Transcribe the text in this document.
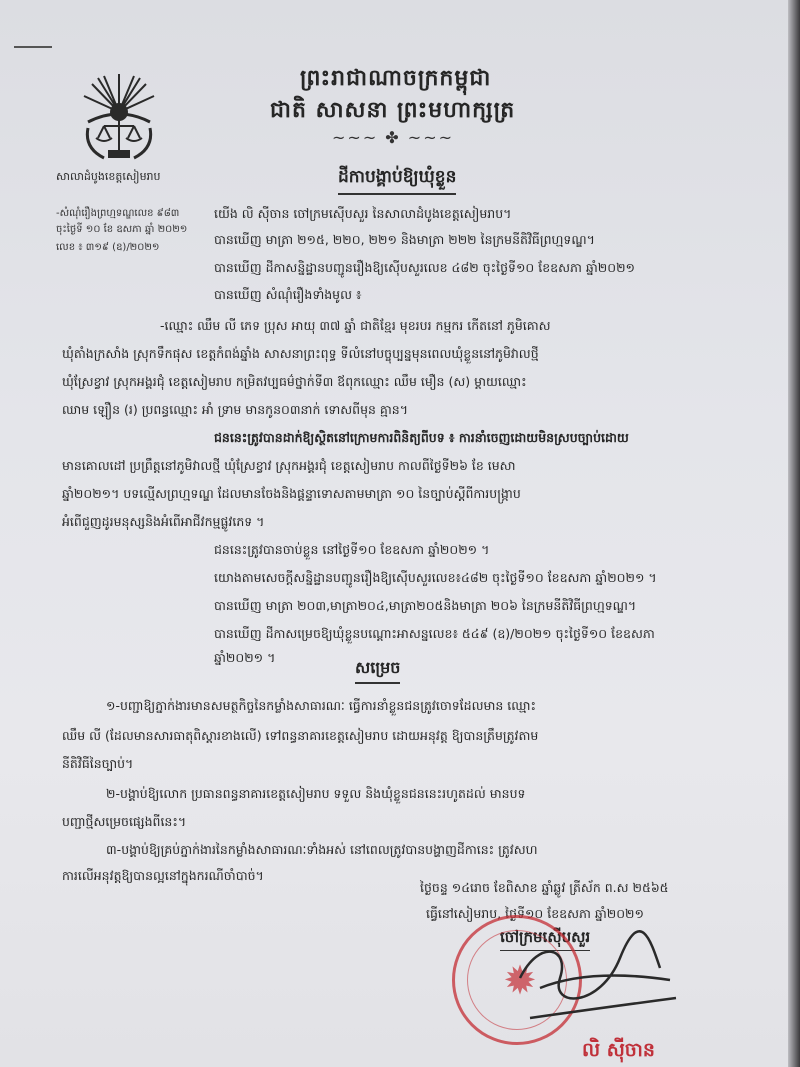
ព្រះរាជាណាចក្រកម្ពុជា
ជាតិ សាសនា ព្រះមហាក្សត្រ
~~~ ✤ ~~~
សាលាដំបូងខេត្តសៀមរាប	ដីកាបង្គាប់ឱ្យឃុំខ្លួន
-សំណុំរឿងព្រហ្មទណ្ឌលេខ ៩៨៣
ចុះថ្ងៃទី ១០ ខែ ឧសភា ឆ្នាំ ២០២១
លេខ ៖ ៣១៩ (ឧ)/២០២១
យើង លិ ស៊ីចាន ចៅក្រមស៊ើបសួរ នៃសាលាដំបូងខេត្តសៀមរាប។
បានឃើញ មាត្រា ២១៥, ២២០, ២២១ និងមាត្រា ២២២ នៃក្រមនីតិវិធីព្រហ្មទណ្ឌ។
បានឃើញ ដីកាសន្និដ្ឋានបញ្ជូនរឿងឱ្យស៊ើបសួរលេខ ៤៨២ ចុះថ្ងៃទី១០ ខែឧសភា ឆ្នាំ២០២១
បានឃើញ សំណុំរឿងទាំងមូល ៖
-ឈ្មោះ ឈឹម លី ភេទ ប្រុស អាយុ ៣៧ ឆ្នាំ ជាតិខ្មែរ មុខរបរ កម្មករ កើតនៅ ភូមិគោស
ឃុំតាំងក្រសាំង ស្រុកទឹកផុស ខេត្តកំពង់ឆ្នាំង សាសនាព្រះពុទ្ធ ទីលំនៅបច្ចុប្បន្នមុនពេលឃុំខ្លួននៅភូមិវាលថ្មី
ឃុំស្រែខ្វាវ ស្រុកអង្គរជុំ ខេត្តសៀមរាប កម្រិតវប្បធម៌ថ្នាក់ទី៣ ឪពុកឈ្មោះ ឈឹម មឿន (ស) ម្ដាយឈ្មោះ
ឈាម ឡឿន (រ) ប្រពន្ធឈ្មោះ អាំ ទ្រាម មានកូន០៣នាក់ ទោសពីមុន គ្មាន។
ជននេះត្រូវបានដាក់ឱ្យស្ថិតនៅក្រោមការពិនិត្យពីបទ ៖ ការនាំចេញដោយមិនស្របច្បាប់ដោយ
មានគោលដៅ ប្រព្រឹត្តនៅភូមិវាលថ្មី ឃុំស្រែខ្វាវ ស្រុកអង្គរជុំ ខេត្តសៀមរាប កាលពីថ្ងៃទី២៦ ខែ មេសា
ឆ្នាំ២០២១។ បទល្មើសព្រហ្មទណ្ឌ ដែលមានចែងនិងផ្ដន្ទាទោសតាមមាត្រា ១០ នៃច្បាប់ស្ដីពីការបង្ក្រាប
អំពើជួញដូរមនុស្សនិងអំពើអាជីវកម្មផ្លូវភេទ ។
ជននេះត្រូវបានចាប់ខ្លួន នៅថ្ងៃទី១០ ខែឧសភា ឆ្នាំ២០២១ ។
យោងតាមសេចក្ដីសន្និដ្ឋានបញ្ជូនរឿងឱ្យស៊ើបសួរលេខ៖៤៨២ ចុះថ្ងៃទី១០ ខែឧសភា ឆ្នាំ២០២១ ។
បានឃើញ មាត្រា ២០៣,មាត្រា២០៤,មាត្រា២០៥និងមាត្រា ២០៦ នៃក្រមនីតិវិធីព្រហ្មទណ្ឌ។
បានឃើញ ដីកាសម្រេចឱ្យឃុំខ្លួនបណ្ដោះអាសន្នលេខ៖ ៥៤៩ (ឧ)/២០២១ ចុះថ្ងៃទី១០ ខែឧសភា
ឆ្នាំ២០២១ ។
សម្រេច
១-បញ្ជាឱ្យភ្នាក់ងារមានសមត្ថកិច្ចនៃកម្លាំងសាធារណៈ ធ្វើការនាំខ្លួនជនត្រូវចោទដែលមាន ឈ្មោះ
ឈឹម លី (ដែលមានសារធាតុពិស្ដារខាងលើ) ទៅពន្ធនាគារខេត្តសៀមរាប ដោយអនុវត្ត ឱ្យបានត្រឹមត្រូវតាម
នីតិវិធីនៃច្បាប់។
២-បង្គាប់ឱ្យលោក ប្រធានពន្ធនាគារខេត្តសៀមរាប ទទួល និងឃុំខ្លួនជននេះរហូតដល់ មានបទ
បញ្ជាថ្មីសម្រេចផ្សេងពីនេះ។
៣-បង្គាប់ឱ្យគ្រប់ភ្នាក់ងារនៃកម្លាំងសាធារណៈទាំងអស់ នៅពេលត្រូវបានបង្ហាញដីកានេះ ត្រូវសហ
ការលើអនុវត្តឱ្យបានល្អនៅក្នុងករណីចាំបាច់។
ថ្ងៃចន្ទ ១៤រោច ខែពិសាខ ឆ្នាំឆ្លូវ ត្រីស័ក ព.ស ២៥៦៥
ធ្វើនៅសៀមរាប, ថ្ងៃទី១០ ខែឧសភា ឆ្នាំ២០២១
ចៅក្រមស៊ើបសួរ
✹
លិ ស៊ីចាន
